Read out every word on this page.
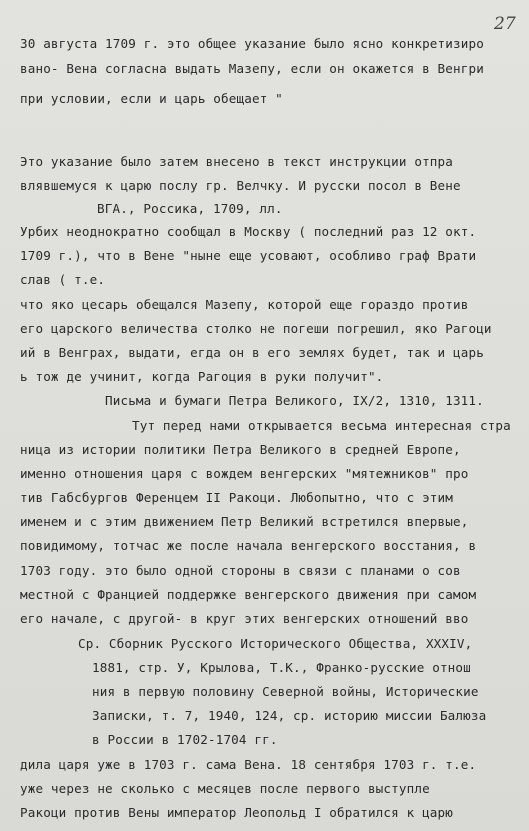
27
30 августа 1709 г. это общее указание было ясно конкретизиро
вано- Вена согласна выдать Мазепу, если он окажется в Венгри
при условии, если и царь обещает "
Это указание было затем внесено в текст инструкции отпра
влявшемуся к царю послу гр. Велчку. И русски посол в Вене
ВГА., Россика, 1709, лл.
Урбих неоднократно сообщал в Москву ( последний раз 12 окт.
1709 г.), что в Вене "ныне еще усовают, особливо граф Врати
слав ( т.е.
что яко цесарь обещался Мазепу, которой еще гораздо против
его царского величества столко не погеши погрешил, яко Рагоци
ий в Венграх, выдати, егда он в его землях будет, так и царь
ь тож де учинит, когда Рагоция в руки получит".
Письма и бумаги Петра Великого, IX/2, 1310, 1311.
Тут перед нами открывается весьма интересная стра
ница из истории политики Петра Великого в средней Европе,
именно отношения царя с вождем венгерских "мятежников" про
тив Габсбургов Ференцем II Ракоци. Любопытно, что с этим
именем и с этим движением Петр Великий встретился впервые,
повидимому, тотчас же после начала венгерского восстания, в
1703 году. это было одной стороны в связи с планами о сов
местной с Францией поддержке венгерского движения при самом
его начале, с другой- в круг этих венгерских отношений вво
Ср. Сборник Русского Исторического Общества, XXXIV,
1881, стр. У, Крылова, Т.К., Франко-русские отнош
ния в первую половину Северной войны, Исторические
Записки, т. 7, 1940, 124, ср. историю миссии Балюза
в России в 1702-1704 гг.
дила царя уже в 1703 г. сама Вена. 18 сентября 1703 г. т.е.
уже через не сколько с месяцев после первого выступле
Ракоци против Вены император Леопольд I обратился к царю
